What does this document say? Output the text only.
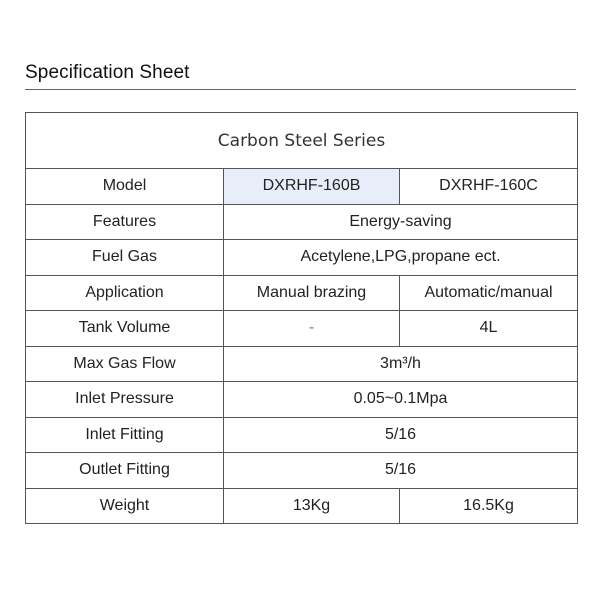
Specification Sheet
Carbon Steel Series		
Model	DXRHF-160B	DXRHF-160C
Features	Energy-saving	
Fuel Gas	Acetylene,LPG,propane ect.	
Application	Manual brazing	Automatic/manual
Tank Volume	-	4L
Max Gas Flow	3m³/h	
Inlet Pressure	0.05~0.1Mpa	
Inlet Fitting	5/16	
Outlet Fitting	5/16	
Weight	13Kg	16.5Kg
